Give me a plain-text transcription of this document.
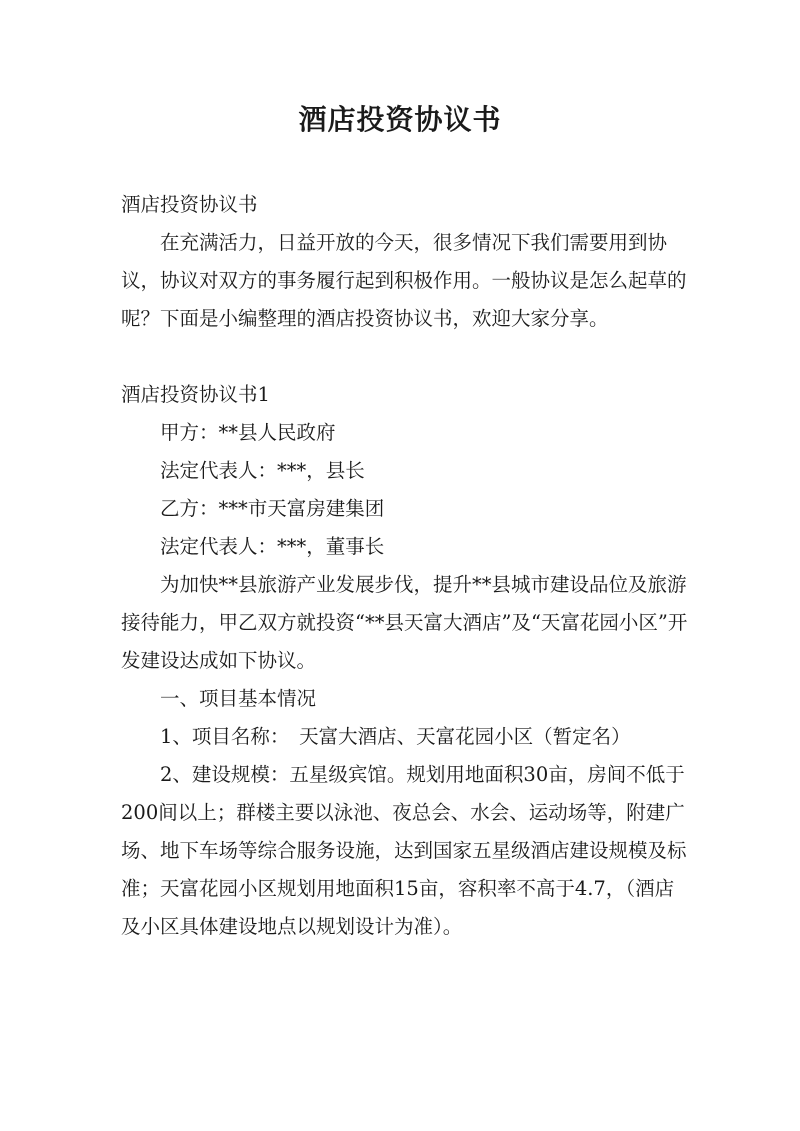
酒店投资协议书

酒店投资协议书

在充满活力，日益开放的今天，很多情况下我们需要用到协议，协议对双方的事务履行起到积极作用。一般协议是怎么起草的呢？下面是小编整理的酒店投资协议书，欢迎大家分享。

酒店投资协议书1

甲方：**县人民政府

法定代表人：***，县长

乙方：***市天富房建集团

法定代表人：***，董事长

为加快**县旅游产业发展步伐，提升**县城市建设品位及旅游接待能力，甲乙双方就投资“**县天富大酒店”及“天富花园小区”开发建设达成如下协议。

一、项目基本情况

1、项目名称：　天富大酒店、天富花园小区（暂定名）

2、建设规模：五星级宾馆。规划用地面积30亩，房间不低于200间以上；群楼主要以泳池、夜总会、水会、运动场等，附建广场、地下车场等综合服务设施，达到国家五星级酒店建设规模及标准；天富花园小区规划用地面积15亩，容积率不高于4.7，（酒店及小区具体建设地点以规划设计为准）。
